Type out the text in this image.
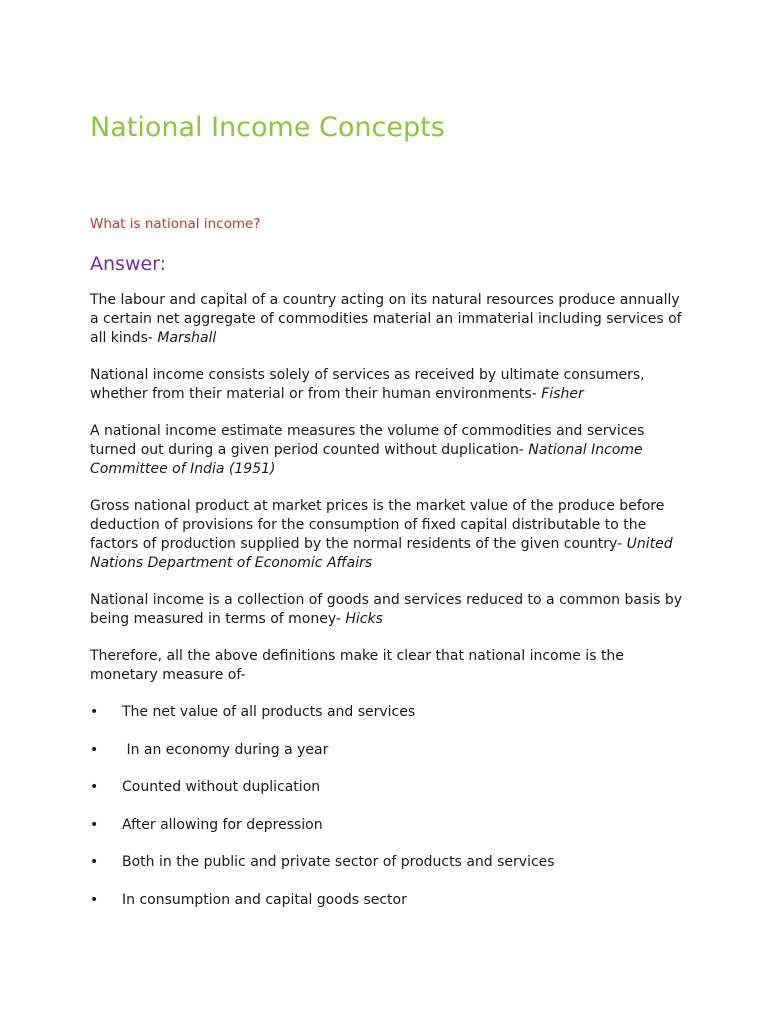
National Income Concepts

What is national income?

Answer:

The labour and capital of a country acting on its natural resources produce annually a certain net aggregate of commodities material an immaterial including services of all kinds- Marshall

National income consists solely of services as received by ultimate consumers, whether from their material or from their human environments- Fisher

A national income estimate measures the volume of commodities and services turned out during a given period counted without duplication- National Income Committee of India (1951)

Gross national product at market prices is the market value of the produce before deduction of provisions for the consumption of fixed capital distributable to the factors of production supplied by the normal residents of the given country- United Nations Department of Economic Affairs

National income is a collection of goods and services reduced to a common basis by being measured in terms of money- Hicks

Therefore, all the above definitions make it clear that national income is the monetary measure of-

• The net value of all products and services
• In an economy during a year
• Counted without duplication
• After allowing for depression
• Both in the public and private sector of products and services
• In consumption and capital goods sector
